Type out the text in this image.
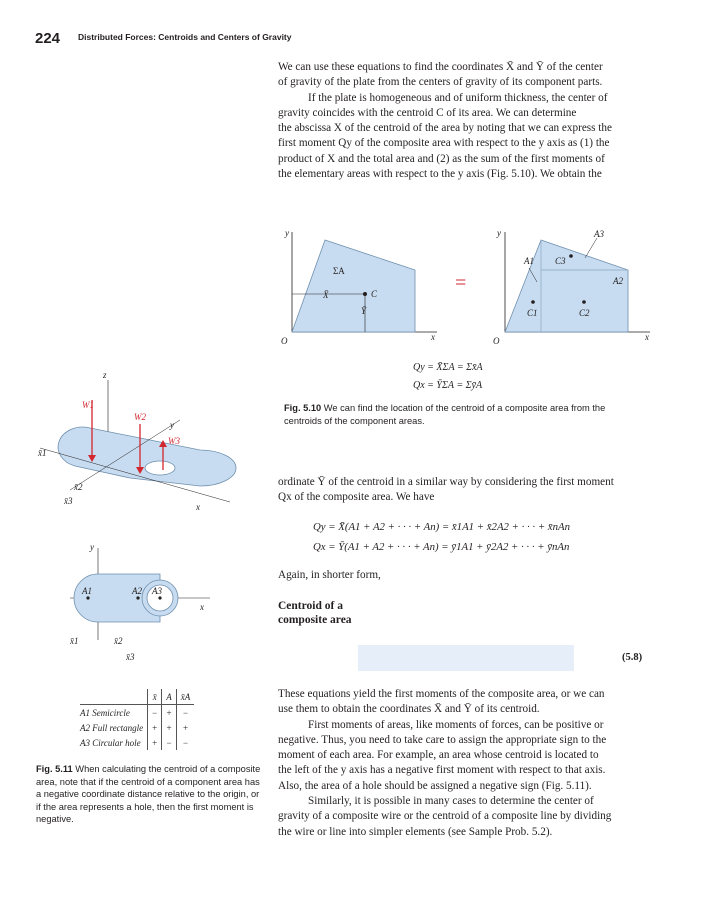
224 Distributed Forces: Centroids and Centers of Gravity
We can use these equations to find the coordinates X̄ and Ȳ of the center
of gravity of the plate from the centers of gravity of its component parts.
If the plate is homogeneous and of uniform thickness, the center of
gravity coincides with the centroid C of its area. We can determine
the abscissa X of the centroid of the area by noting that we can express the
first moment Qy of the composite area with respect to the y axis as (1) the
product of X and the total area and (2) as the sum of the first moments of
the elementary areas with respect to the y axis (Fig. 5.10). We obtain the
y
ΣA
X̄
Ȳ
C
O	x
=
y
A1
A2
A3
C1	C2
C3
O	x
Qy = X̄ΣA = Σx̄A
Qx = ȲΣA = ΣȳA
Fig. 5.10 We can find the location of the centroid of a composite area from the centroids of the component areas.
z
W1
W2
W3
y
x
x̄1
x̄2
x̄3
y
A1	A2 A3
x
x̄1	x̄2
x̄3
	x̄	A	x̄A
A1 Semicircle	−	+	−
A2 Full rectangle	+	+	+
A3 Circular hole	+	−	−
Fig. 5.11 When calculating the centroid of a composite area, note that if the centroid of a component area has a negative coordinate distance relative to the origin, or if the area represents a hole, then the first moment is negative.
ordinate Ȳ of the centroid in a similar way by considering the first moment
Qx of the composite area. We have
Qy = X̄(A1 + A2 + · · · + An) = x̄1A1 + x̄2A2 + · · · + x̄nAn
Qx = Ȳ(A1 + A2 + · · · + An) = ȳ1A1 + ȳ2A2 + · · · + ȳnAn
Again, in shorter form,
Centroid of a
composite area
(5.8)
These equations yield the first moments of the composite area, or we can
use them to obtain the coordinates X̄ and Ȳ of its centroid.
First moments of areas, like moments of forces, can be positive or
negative. Thus, you need to take care to assign the appropriate sign to the
moment of each area. For example, an area whose centroid is located to
the left of the y axis has a negative first moment with respect to that axis.
Also, the area of a hole should be assigned a negative sign (Fig. 5.11).
Similarly, it is possible in many cases to determine the center of
gravity of a composite wire or the centroid of a composite line by dividing
the wire or line into simpler elements (see Sample Prob. 5.2).
